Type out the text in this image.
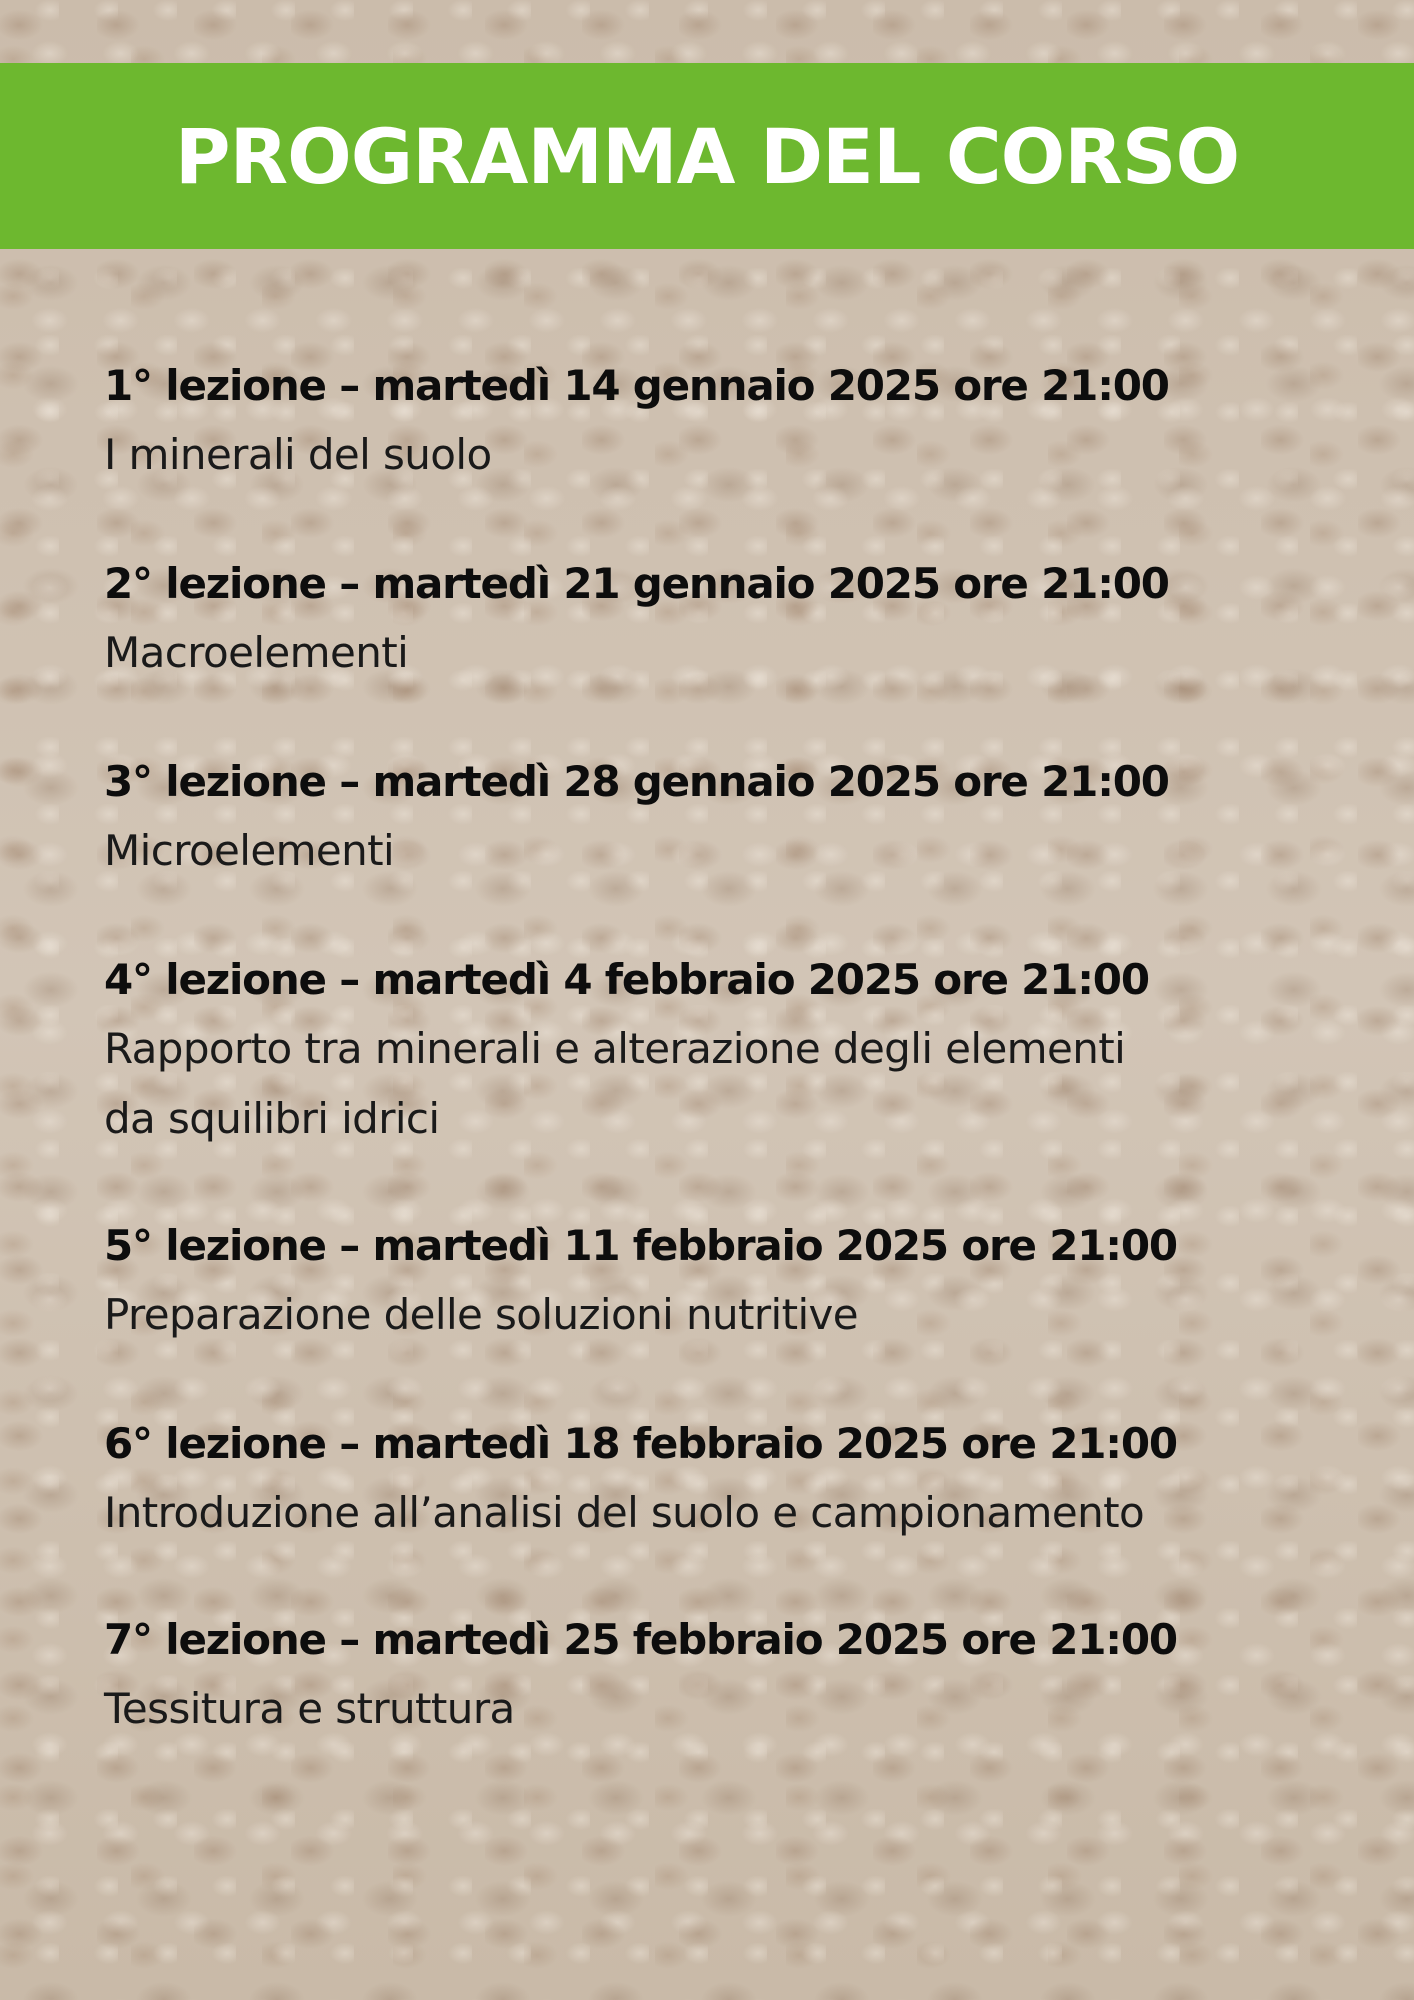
PROGRAMMA DEL CORSO
1° lezione – martedì 14 gennaio 2025 ore 21:00
I minerali del suolo
2° lezione – martedì 21 gennaio 2025 ore 21:00
Macroelementi
3° lezione – martedì 28 gennaio 2025 ore 21:00
Microelementi
4° lezione – martedì 4 febbraio 2025 ore 21:00
Rapporto tra minerali e alterazione degli elementi da squilibri idrici
5° lezione – martedì 11 febbraio 2025 ore 21:00
Preparazione delle soluzioni nutritive
6° lezione – martedì 18 febbraio 2025 ore 21:00
Introduzione all’analisi del suolo e campionamento
7° lezione – martedì 25 febbraio 2025 ore 21:00
Tessitura e struttura
